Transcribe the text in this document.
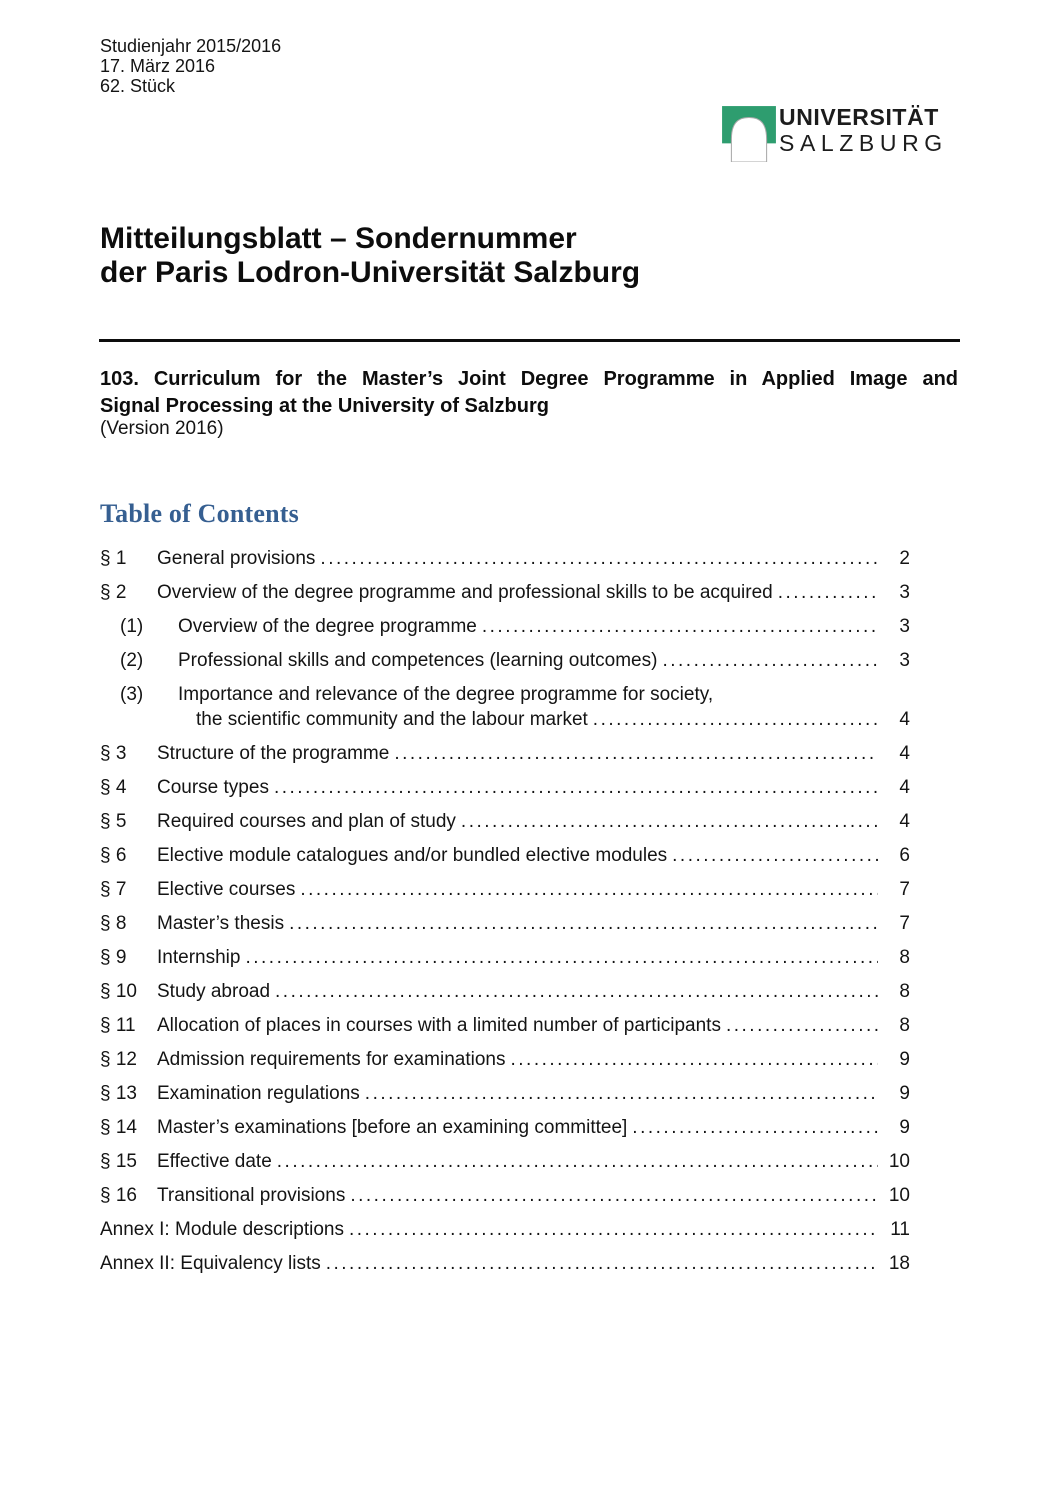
Studienjahr 2015/2016
17. März 2016
62. Stück
UNIVERSITÄT
SALZBURG
Mitteilungsblatt – Sondernummer
der Paris Lodron-Universität Salzburg
103. Curriculum for the Master’s Joint Degree Programme in Applied Image and
Signal Processing at the University of Salzburg
(Version 2016)
Table of Contents
§ 1	General provisions .....	2
§ 2	Overview of the degree programme and professional skills to be acquired .....	3
(1)	Overview of the degree programme .....	3
(2)	Professional skills and competences (learning outcomes) .....	3
(3)	Importance and relevance of the degree programme for society,
the scientific community and the labour market .....	4
§ 3	Structure of the programme .....	4
§ 4	Course types .....	4
§ 5	Required courses and plan of study .....	4
§ 6	Elective module catalogues and/or bundled elective modules .....	6
§ 7	Elective courses .....	7
§ 8	Master’s thesis .....	7
§ 9	Internship .....	8
§ 10	Study abroad .....	8
§ 11	Allocation of places in courses with a limited number of participants .....	8
§ 12	Admission requirements for examinations .....	9
§ 13	Examination regulations .....	9
§ 14	Master’s examinations [before an examining committee] .....	9
§ 15	Effective date .....	10
§ 16	Transitional provisions .....	10
Annex I: Module descriptions .....	11
Annex II: Equivalency lists .....	18
